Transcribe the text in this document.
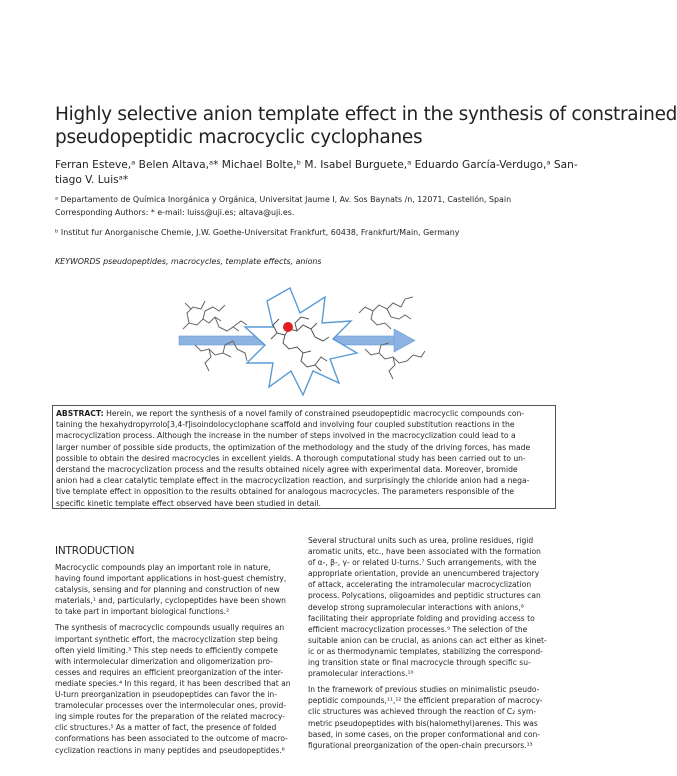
Highly selective anion template effect in the synthesis of constrained
pseudopeptidic macrocyclic cyclophanes
Ferran Esteve,ᵃ Belen Altava,ᵃ* Michael Bolte,ᵇ M. Isabel Burguete,ᵃ Eduardo García-Verdugo,ᵃ San-
tiago V. Luisᵃ*
ᵃ Departamento de Química Inorgánica y Orgánica, Universitat Jaume I, Av. Sos Baynats /n, 12071, Castellón, Spain
Corresponding Authors: * e-mail: luiss@uji.es; altava@uji.es.
ᵇ Institut fur Anorganische Chemie, J.W. Goethe-Universitat Frankfurt, 60438, Frankfurt/Main, Germany
KEYWORDS pseudopeptides, macrocycles, template effects, anions
ABSTRACT: Herein, we report the synthesis of a novel family of constrained pseudopeptidic macrocyclic compounds con-
taining the hexahydropyrrolo[3,4-f]isoindolocyclophane scaffold and involving four coupled substitution reactions in the
macrocyclization process. Although the increase in the number of steps involved in the macrocyclization could lead to a
larger number of possible side products, the optimization of the methodology and the study of the driving forces, has made
possible to obtain the desired macrocycles in excellent yields. A thorough computational study has been carried out to un-
derstand the macrocyclization process and the results obtained nicely agree with experimental data. Moreover, bromide
anion had a clear catalytic template effect in the macrocyclization reaction, and surprisingly the chloride anion had a nega-
tive template effect in opposition to the results obtained for analogous macrocycles. The parameters responsible of the
specific kinetic template effect observed have been studied in detail.
INTRODUCTION
Macrocyclic compounds play an important role in nature,
having found important applications in host-guest chemistry,
catalysis, sensing and for planning and construction of new
materials,¹ and, particularly, cyclopeptides have been shown
to take part in important biological functions.²
The synthesis of macrocyclic compounds usually requires an
important synthetic effort, the macrocyclization step being
often yield limiting.³ This step needs to efficiently compete
with intermolecular dimerization and oligomerization pro-
cesses and requires an efficient preorganization of the inter-
mediate species.⁴ In this regard, it has been described that an
U-turn preorganization in pseudopeptides can favor the in-
tramolecular processes over the intermolecular ones, provid-
ing simple routes for the preparation of the related macrocy-
clic structures.⁵ As a matter of fact, the presence of folded
conformations has been associated to the outcome of macro-
cyclization reactions in many peptides and pseudopeptides.⁶
Several structural units such as urea, proline residues, rigid
aromatic units, etc., have been associated with the formation
of α-, β-, γ- or related U-turns.⁷ Such arrangements, with the
appropriate orientation, provide an unencumbered trajectory
of attack, accelerating the intramolecular macrocyclization
process. Polycations, oligoamides and peptidic structures can
develop strong supramolecular interactions with anions,⁸
facilitating their appropriate folding and providing access to
efficient macrocyclization processes.⁹ The selection of the
suitable anion can be crucial, as anions can act either as kinet-
ic or as thermodynamic templates, stabilizing the correspond-
ing transition state or final macrocycle through specific su-
pramolecular interactions.¹⁰
In the framework of previous studies on minimalistic pseudo-
peptidic compounds,¹¹,¹² the efficient preparation of macrocy-
clic structures was achieved through the reaction of C₂ sym-
metric pseudopeptides with bis(halomethyl)arenes. This was
based, in some cases, on the proper conformational and con-
figurational preorganization of the open-chain precursors.¹³
